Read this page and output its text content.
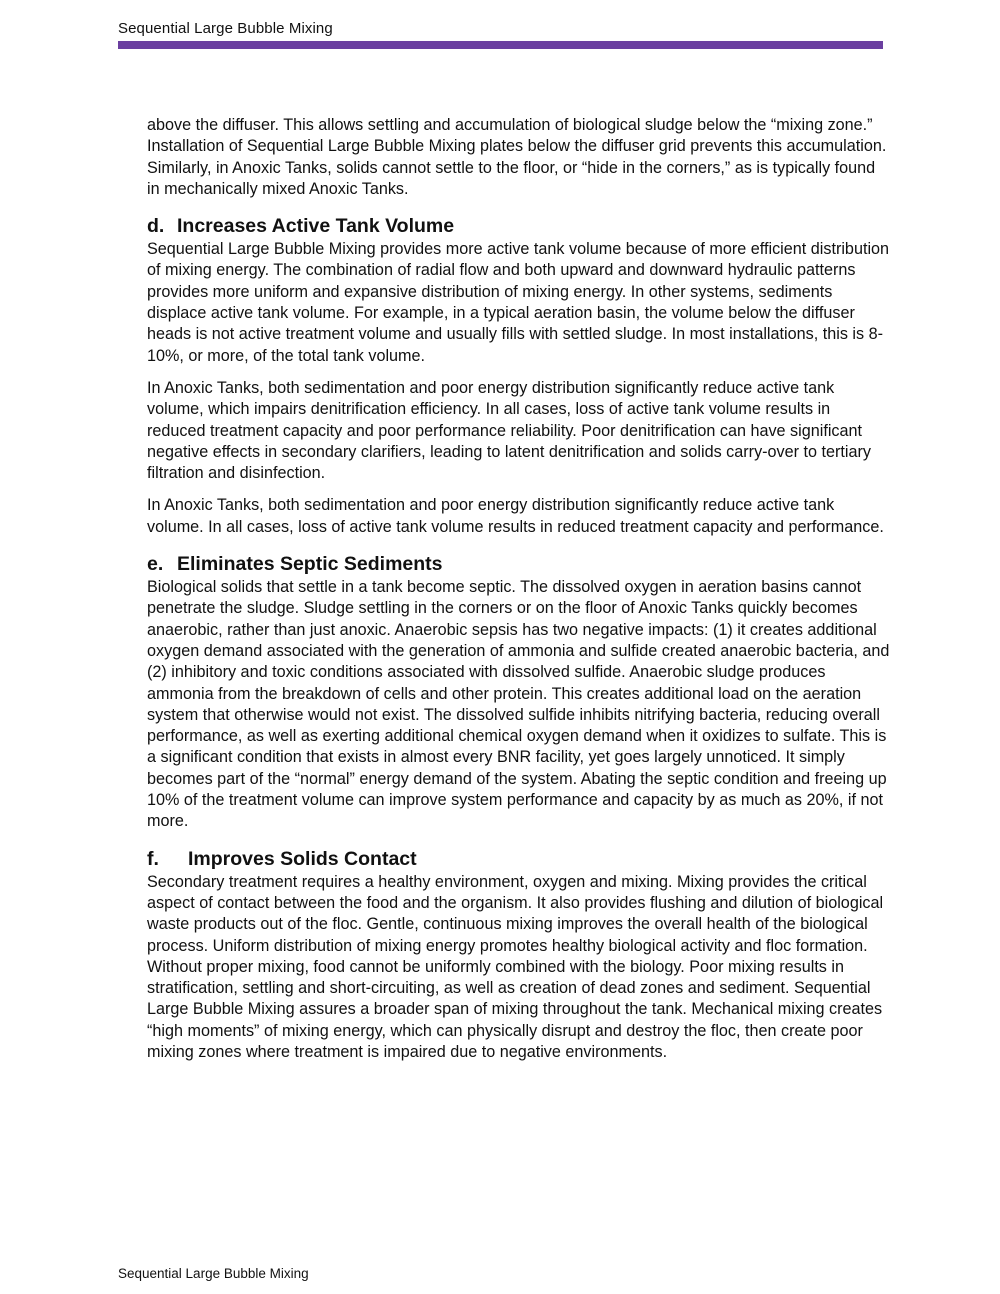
Sequential Large Bubble Mixing

above the diffuser. This allows settling and accumulation of biological sludge below the “mixing zone.” Installation of Sequential Large Bubble Mixing plates below the diffuser grid prevents this accumulation. Similarly, in Anoxic Tanks, solids cannot settle to the floor, or “hide in the corners,” as is typically found in mechanically mixed Anoxic Tanks.

d. Increases Active Tank Volume

Sequential Large Bubble Mixing provides more active tank volume because of more efficient distribution of mixing energy. The combination of radial flow and both upward and downward hydraulic patterns provides more uniform and expansive distribution of mixing energy. In other systems, sediments displace active tank volume. For example, in a typical aeration basin, the volume below the diffuser heads is not active treatment volume and usually fills with settled sludge. In most installations, this is 8-10%, or more, of the total tank volume.

In Anoxic Tanks, both sedimentation and poor energy distribution significantly reduce active tank volume, which impairs denitrification efficiency. In all cases, loss of active tank volume results in reduced treatment capacity and poor performance reliability. Poor denitrification can have significant negative effects in secondary clarifiers, leading to latent denitrification and solids carry-over to tertiary filtration and disinfection.

In Anoxic Tanks, both sedimentation and poor energy distribution significantly reduce active tank volume. In all cases, loss of active tank volume results in reduced treatment capacity and performance.

e. Eliminates Septic Sediments

Biological solids that settle in a tank become septic. The dissolved oxygen in aeration basins cannot penetrate the sludge. Sludge settling in the corners or on the floor of Anoxic Tanks quickly becomes anaerobic, rather than just anoxic. Anaerobic sepsis has two negative impacts: (1) it creates additional oxygen demand associated with the generation of ammonia and sulfide created anaerobic bacteria, and (2) inhibitory and toxic conditions associated with dissolved sulfide. Anaerobic sludge produces ammonia from the breakdown of cells and other protein. This creates additional load on the aeration system that otherwise would not exist. The dissolved sulfide inhibits nitrifying bacteria, reducing overall performance, as well as exerting additional chemical oxygen demand when it oxidizes to sulfate. This is a significant condition that exists in almost every BNR facility, yet goes largely unnoticed. It simply becomes part of the “normal” energy demand of the system. Abating the septic condition and freeing up 10% of the treatment volume can improve system performance and capacity by as much as 20%, if not more.

f. Improves Solids Contact

Secondary treatment requires a healthy environment, oxygen and mixing. Mixing provides the critical aspect of contact between the food and the organism. It also provides flushing and dilution of biological waste products out of the floc. Gentle, continuous mixing improves the overall health of the biological process. Uniform distribution of mixing energy promotes healthy biological activity and floc formation. Without proper mixing, food cannot be uniformly combined with the biology. Poor mixing results in stratification, settling and short-circuiting, as well as creation of dead zones and sediment. Sequential Large Bubble Mixing assures a broader span of mixing throughout the tank. Mechanical mixing creates “high moments” of mixing energy, which can physically disrupt and destroy the floc, then create poor mixing zones where treatment is impaired due to negative environments.

Sequential Large Bubble Mixing
